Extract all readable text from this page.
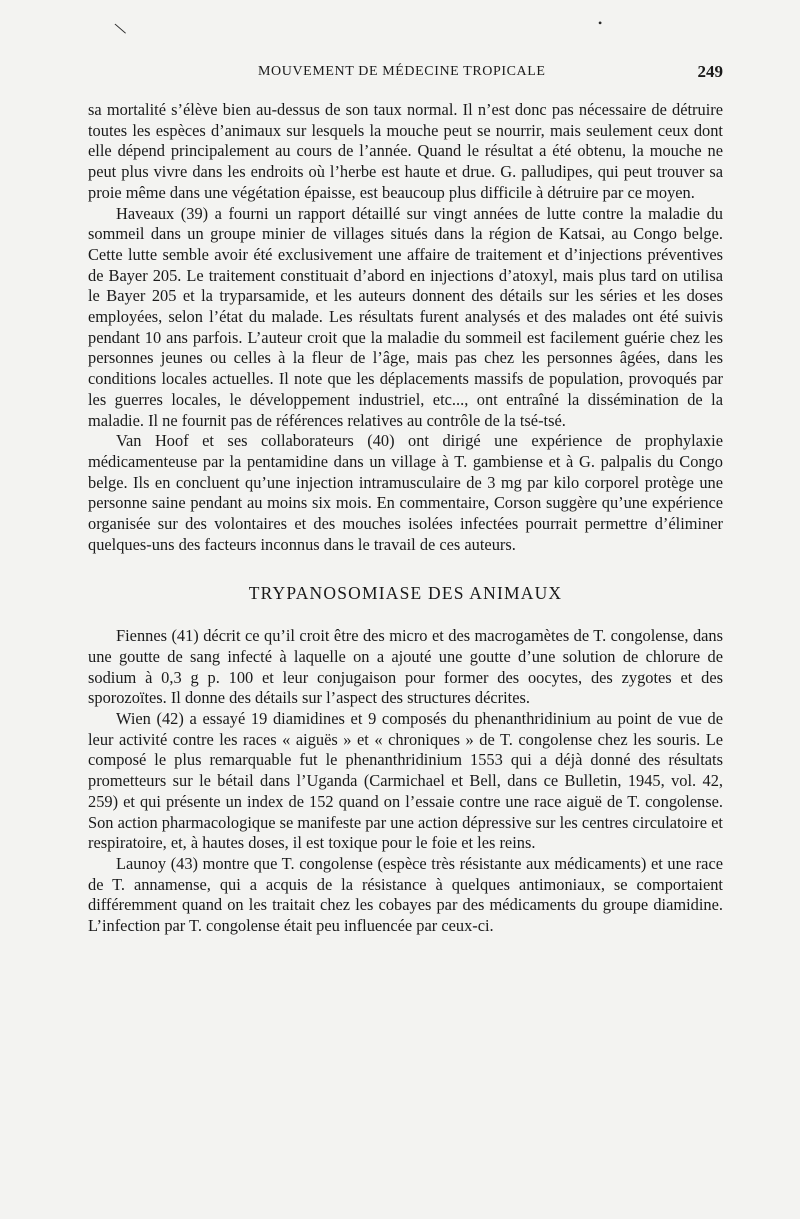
\	•
MOUVEMENT DE MÉDECINE TROPICALE	249

sa mortalité s’élève bien au-dessus de son taux normal. Il n’est donc pas nécessaire de détruire toutes les espèces d’animaux sur lesquels la mouche peut se nourrir, mais seulement ceux dont elle dépend principalement au cours de l’année. Quand le résultat a été obtenu, la mouche ne peut plus vivre dans les endroits où l’herbe est haute et drue. G. palludipes, qui peut trouver sa proie même dans une végétation épaisse, est beaucoup plus difficile à détruire par ce moyen.

Haveaux (39) a fourni un rapport détaillé sur vingt années de lutte contre la maladie du sommeil dans un groupe minier de villages situés dans la région de Katsai, au Congo belge. Cette lutte semble avoir été exclusivement une affaire de traitement et d’injections préventives de Bayer 205. Le traitement constituait d’abord en injections d’atoxyl, mais plus tard on utilisa le Bayer 205 et la tryparsamide, et les auteurs donnent des détails sur les séries et les doses employées, selon l’état du malade. Les résultats furent analysés et des malades ont été suivis pendant 10 ans parfois. L’auteur croit que la maladie du sommeil est facilement guérie chez les personnes jeunes ou celles à la fleur de l’âge, mais pas chez les personnes âgées, dans les conditions locales actuelles. Il note que les déplacements massifs de population, provoqués par les guerres locales, le développement industriel, etc..., ont entraîné la dissémination de la maladie. Il ne fournit pas de références relatives au contrôle de la tsé-tsé.

Van Hoof et ses collaborateurs (40) ont dirigé une expérience de prophylaxie médicamenteuse par la pentamidine dans un village à T. gambiense et à G. palpalis du Congo belge. Ils en concluent qu’une injection intramusculaire de 3 mg par kilo corporel protège une personne saine pendant au moins six mois. En commentaire, Corson suggère qu’une expérience organisée sur des volontaires et des mouches isolées infectées pourrait permettre d’éliminer quelques-uns des facteurs inconnus dans le travail de ces auteurs.

TRYPANOSOMIASE DES ANIMAUX

Fiennes (41) décrit ce qu’il croit être des micro et des macrogamètes de T. congolense, dans une goutte de sang infecté à laquelle on a ajouté une goutte d’une solution de chlorure de sodium à 0,3 g p. 100 et leur conjugaison pour former des oocytes, des zygotes et des sporozoïtes. Il donne des détails sur l’aspect des structures décrites.

Wien (42) a essayé 19 diamidines et 9 composés du phenanthridinium au point de vue de leur activité contre les races « aiguës » et « chroniques » de T. congolense chez les souris. Le composé le plus remarquable fut le phenanthridinium 1553 qui a déjà donné des résultats prometteurs sur le bétail dans l’Uganda (Carmichael et Bell, dans ce Bulletin, 1945, vol. 42, 259) et qui présente un index de 152 quand on l’essaie contre une race aiguë de T. congolense. Son action pharmacologique se manifeste par une action dépressive sur les centres circulatoire et respiratoire, et, à hautes doses, il est toxique pour le foie et les reins.

Launoy (43) montre que T. congolense (espèce très résistante aux médicaments) et une race de T. annamense, qui a acquis de la résistance à quelques antimoniaux, se comportaient différemment quand on les traitait chez les cobayes par des médicaments du groupe diamidine. L’infection par T. congolense était peu influencée par ceux-ci.
